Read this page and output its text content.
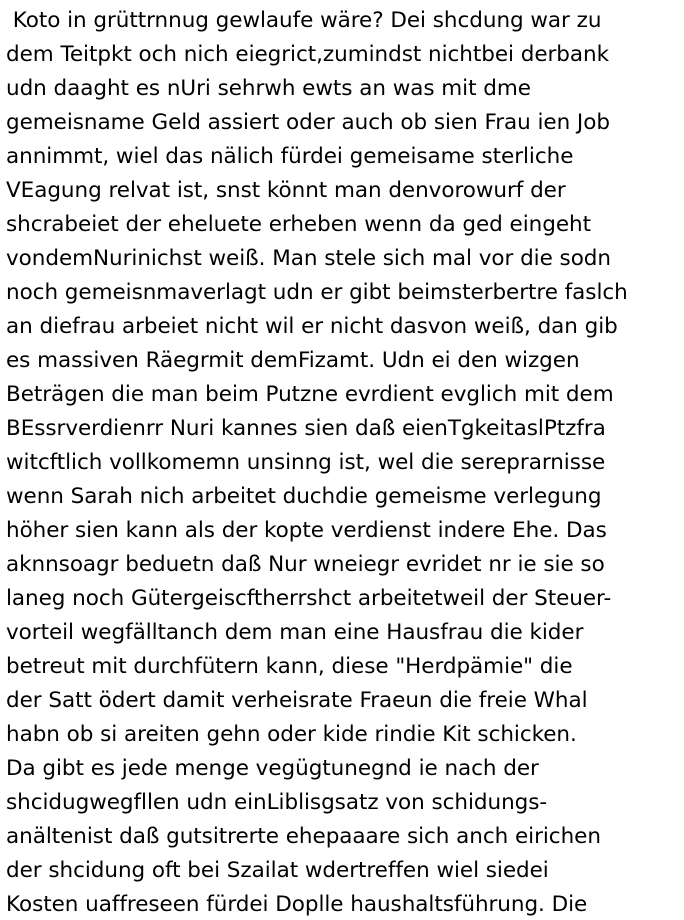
Koto in grüttrnnug gewlaufe wäre? Dei shcdung war zu
dem Teitpkt och nich eiegrict,zumindst nichtbei derbank
udn daaght es nUri sehrwh ewts an was mit dme
gemeisname Geld assiert oder auch ob sien Frau ien Job
annimmt, wiel das nälich fürdei gemeisame sterliche
VEagung relvat ist, snst könnt man denvorowurf der
shcrabeiet der eheluete erheben wenn da ged eingeht
vondemNurinichst weiß. Man stele sich mal vor die sodn
noch gemeisnmaverlagt udn er gibt beimsterbertre faslch
an diefrau arbeiet nicht wil er nicht dasvon weiß, dan gib
es massiven Räegrmit demFizamt. Udn ei den wizgen
Beträgen die man beim Putzne evrdient evglich mit dem
BEssrverdienrr Nuri kannes sien daß eienTgkeitaslPtzfra
witcftlich vollkomemn unsinng ist, wel die sereprarnisse
wenn Sarah nich arbeitet duchdie gemeisme verlegung
höher sien kann als der kopte verdienst indere Ehe. Das
aknnsoagr beduetn daß Nur wneiegr evridet nr ie sie so
laneg noch Gütergeiscftherrshct arbeitetweil der Steuer-
vorteil wegfälltanch dem man eine Hausfrau die kider
betreut mit durchfütern kann, diese "Herdpämie" die
der Satt ödert damit verheisrate Fraeun die freie Whal
habn ob si areiten gehn oder kide rindie Kit schicken.
Da gibt es jede menge vegügtunegnd ie nach der
shcidugwegfllen udn einLiblisgsatz von schidungs-
anältenist daß gutsitrerte ehepaaare sich anch eirichen
der shcidung oft bei Szailat wdertreffen wiel siedei
Kosten uaffreseen fürdei Doplle haushaltsführung. Die
